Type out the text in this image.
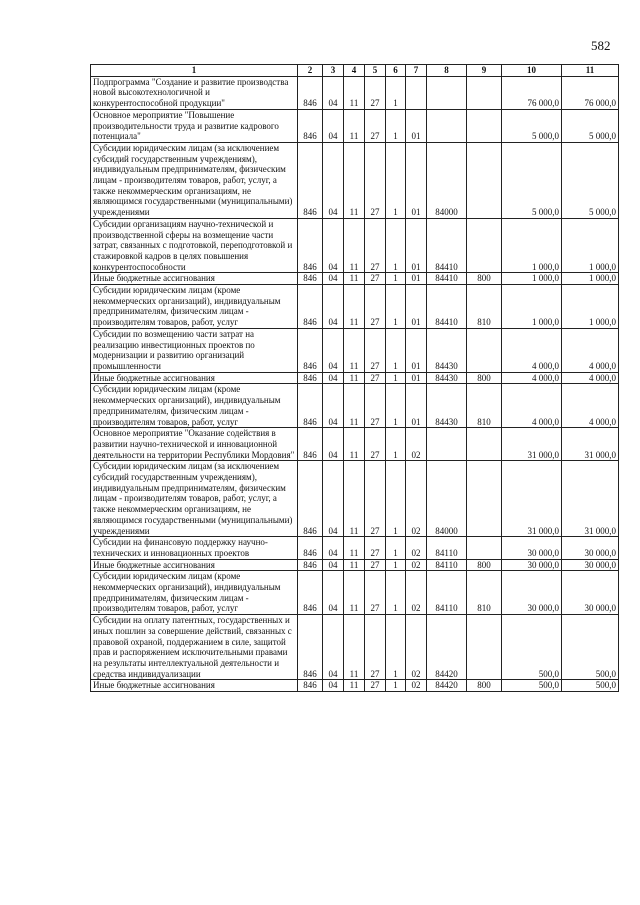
582
1	2	3	4	5	6	7	8	9	10	11
Подпрограмма "Создание и развитие производства новой высокотехнологичной и конкурентоспособной продукции"	846	04	11	27	1				76 000,0	76 000,0
Основное мероприятие "Повышение производительности труда и развитие кадрового потенциала"	846	04	11	27	1	01			5 000,0	5 000,0
Субсидии юридическим лицам (за исключением субсидий государственным учреждениям), индивидуальным предпринимателям, физическим лицам - производителям товаров, работ, услуг, а также некоммерческим организациям, не являющимся государственными (муниципальными) учреждениями	846	04	11	27	1	01	84000		5 000,0	5 000,0
Субсидии организациям научно-технической и производственной сферы на возмещение части затрат, связанных с подготовкой, переподготовкой и стажировкой кадров в целях повышения конкурентоспособности	846	04	11	27	1	01	84410		1 000,0	1 000,0
Иные бюджетные ассигнования	846	04	11	27	1	01	84410	800	1 000,0	1 000,0
Субсидии юридическим лицам (кроме некоммерческих организаций), индивидуальным предпринимателям, физическим лицам - производителям товаров, работ, услуг	846	04	11	27	1	01	84410	810	1 000,0	1 000,0
Субсидии по возмещению части затрат на реализацию инвестиционных проектов по модернизации и развитию организаций промышленности	846	04	11	27	1	01	84430		4 000,0	4 000,0
Иные бюджетные ассигнования	846	04	11	27	1	01	84430	800	4 000,0	4 000,0
Субсидии юридическим лицам (кроме некоммерческих организаций), индивидуальным предпринимателям, физическим лицам - производителям товаров, работ, услуг	846	04	11	27	1	01	84430	810	4 000,0	4 000,0
Основное мероприятие "Оказание содействия в развитии научно-технической и инновационной деятельности на территории Республики Мордовия"	846	04	11	27	1	02			31 000,0	31 000,0
Субсидии юридическим лицам (за исключением субсидий государственным учреждениям), индивидуальным предпринимателям, физическим лицам - производителям товаров, работ, услуг, а также некоммерческим организациям, не являющимся государственными (муниципальными) учреждениями	846	04	11	27	1	02	84000		31 000,0	31 000,0
Субсидии на финансовую поддержку научно-технических и инновационных проектов	846	04	11	27	1	02	84110		30 000,0	30 000,0
Иные бюджетные ассигнования	846	04	11	27	1	02	84110	800	30 000,0	30 000,0
Субсидии юридическим лицам (кроме некоммерческих организаций), индивидуальным предпринимателям, физическим лицам - производителям товаров, работ, услуг	846	04	11	27	1	02	84110	810	30 000,0	30 000,0
Субсидии на оплату патентных, государственных и иных пошлин за совершение действий, связанных с правовой охраной, поддержанием в силе, защитой прав и распоряжением исключительными правами на результаты интеллектуальной деятельности и средства индивидуализации	846	04	11	27	1	02	84420		500,0	500,0
Иные бюджетные ассигнования	846	04	11	27	1	02	84420	800	500,0	500,0
